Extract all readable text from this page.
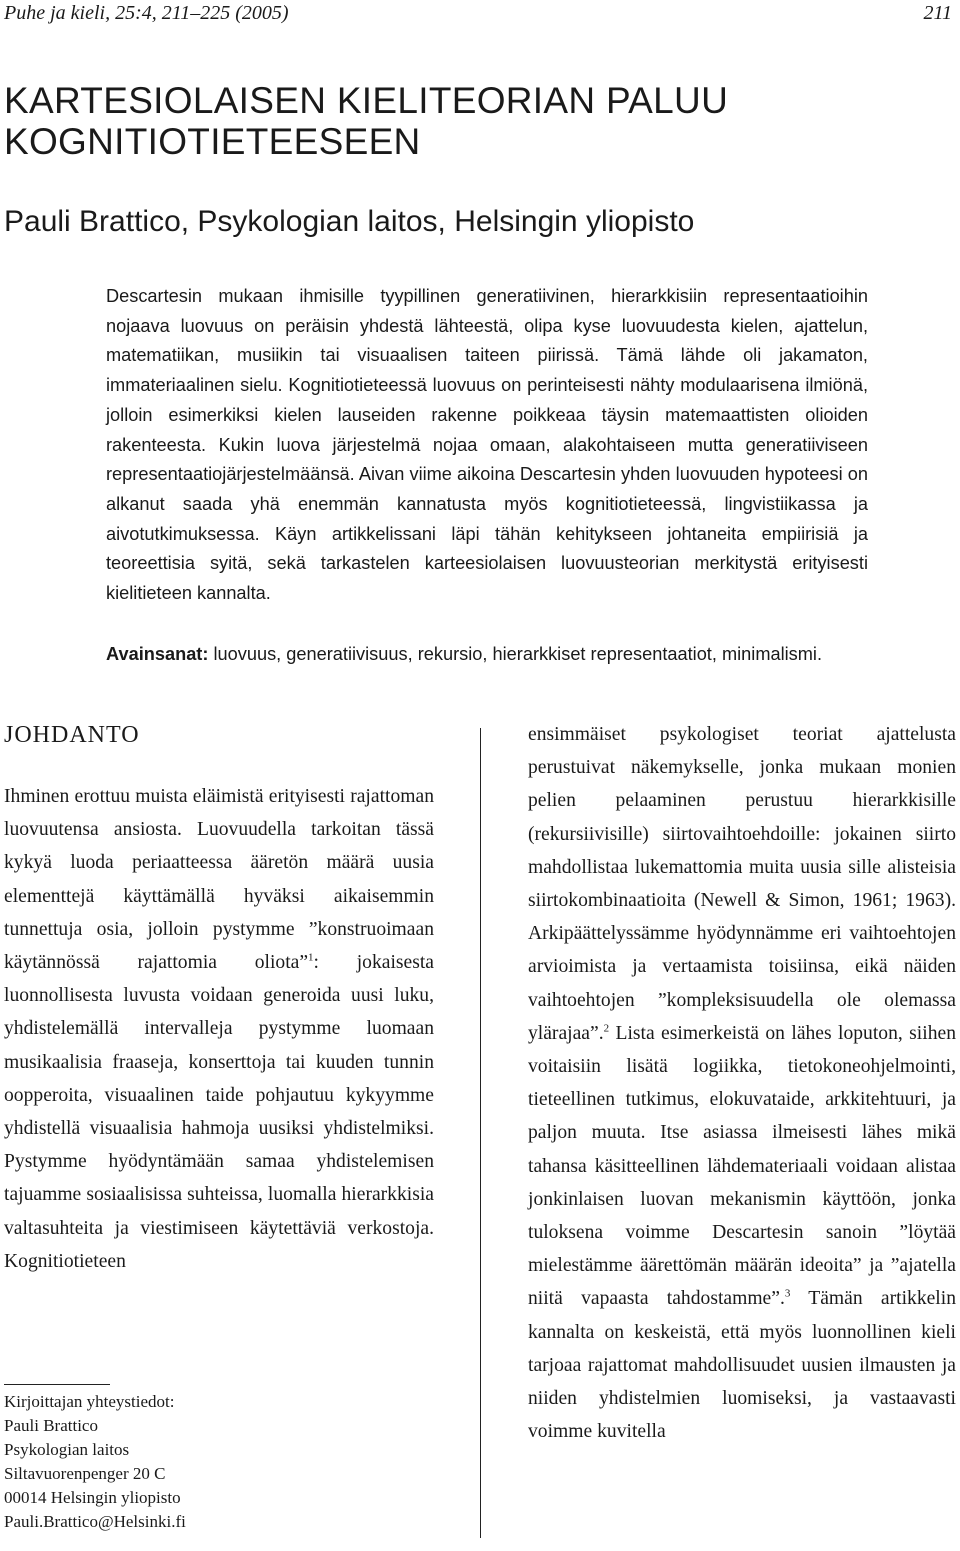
Puhe ja kieli, 25:4, 211–225 (2005)	211
KARTESIOLAISEN KIELITEORIAN PALUU
KOGNITIOTIETEESEEN

Pauli Brattico, Psykologian laitos, Helsingin yliopisto

Descartesin mukaan ihmisille tyypillinen generatiivinen, hierarkkisiin representaatioihin nojaava luovuus on peräisin yhdestä lähteestä, olipa kyse luovuudesta kielen, ajattelun, matematiikan, musiikin tai visuaalisen taiteen piirissä. Tämä lähde oli jakamaton, immateriaalinen sielu. Kognitiotieteessä luovuus on perinteisesti nähty modulaarisena ilmiönä, jolloin esimerkiksi kielen lauseiden rakenne poikkeaa täysin matemaattisten olioiden rakenteesta. Kukin luova järjestelmä nojaa omaan, alakohtaiseen mutta generatiiviseen representaatiojärjestelmäänsä. Aivan viime aikoina Descartesin yhden luovuuden hypoteesi on alkanut saada yhä enemmän kannatusta myös kognitiotieteessä, lingvistiikassa ja aivotutkimuksessa. Käyn artikkelissani läpi tähän kehitykseen johtaneita empiirisiä ja teoreettisia syitä, sekä tarkastelen karteesiolaisen luovuusteorian merkitystä erityisesti kielitieteen kannalta.

Avainsanat: luovuus, generatiivisuus, rekursio, hierarkkiset representaatiot, minimalismi.

JOHDANTO

Ihminen erottuu muista eläimistä erityisesti rajattoman luovuutensa ansiosta. Luovuudella tarkoitan tässä kykyä luoda periaatteessa ääretön määrä uusia elementtejä käyttämällä hyväksi aikaisemmin tunnettuja osia, jolloin pystymme ”konstruoimaan käytännössä rajattomia oliota”$^1$: jokaisesta luonnollisesta luvusta voidaan generoida uusi luku, yhdistelemällä intervalleja pystymme luomaan musikaalisia fraaseja, konserttoja tai kuuden tunnin oopperoita, visuaalinen taide pohjautuu kykyymme yhdistellä visuaalisia hahmoja uusiksi yhdistelmiksi. Pystymme hyödyntämään samaa yhdistelemisen tajuamme sosiaalisissa suhteissa, luomalla hierarkkisia valtasuhteita ja viestimiseen käytettäviä verkostoja. Kognitiotieteen

ensimmäiset psykologiset teoriat ajattelusta perustuivat näkemykselle, jonka mukaan monien pelien pelaaminen perustuu hierarkkisille (rekursiivisille) siirtovaihtoehdoille: jokainen siirto mahdollistaa lukemattomia muita uusia sille alisteisia siirtokombinaatioita (Newell & Simon, 1961; 1963). Arkipäättelyssämme hyödynnämme eri vaihtoehtojen arvioimista ja vertaamista toisiinsa, eikä näiden vaihtoehtojen ”kompleksisuudella ole olemassa ylärajaa”.$^2$ Lista esimerkeistä on lähes loputon, siihen voitaisiin lisätä logiikka, tietokoneohjelmointi, tieteellinen tutkimus, elokuvataide, arkkitehtuuri, ja paljon muuta. Itse asiassa ilmeisesti lähes mikä tahansa käsitteellinen lähdemateriaali voidaan alistaa jonkinlaisen luovan mekanismin käyttöön, jonka tuloksena voimme Descartesin sanoin ”löytää mielestämme äärettömän määrän ideoita” ja ”ajatella niitä vapaasta tahdostamme”.$^3$ Tämän artikkelin kannalta on keskeistä, että myös luonnollinen kieli tarjoaa rajattomat mahdollisuudet uusien ilmausten ja niiden yhdistelmien luomiseksi, ja vastaavasti voimme kuvitella

Kirjoittajan yhteystiedot:
Pauli Brattico
Psykologian laitos
Siltavuorenpenger 20 C
00014 Helsingin yliopisto
Pauli.Brattico@Helsinki.fi
